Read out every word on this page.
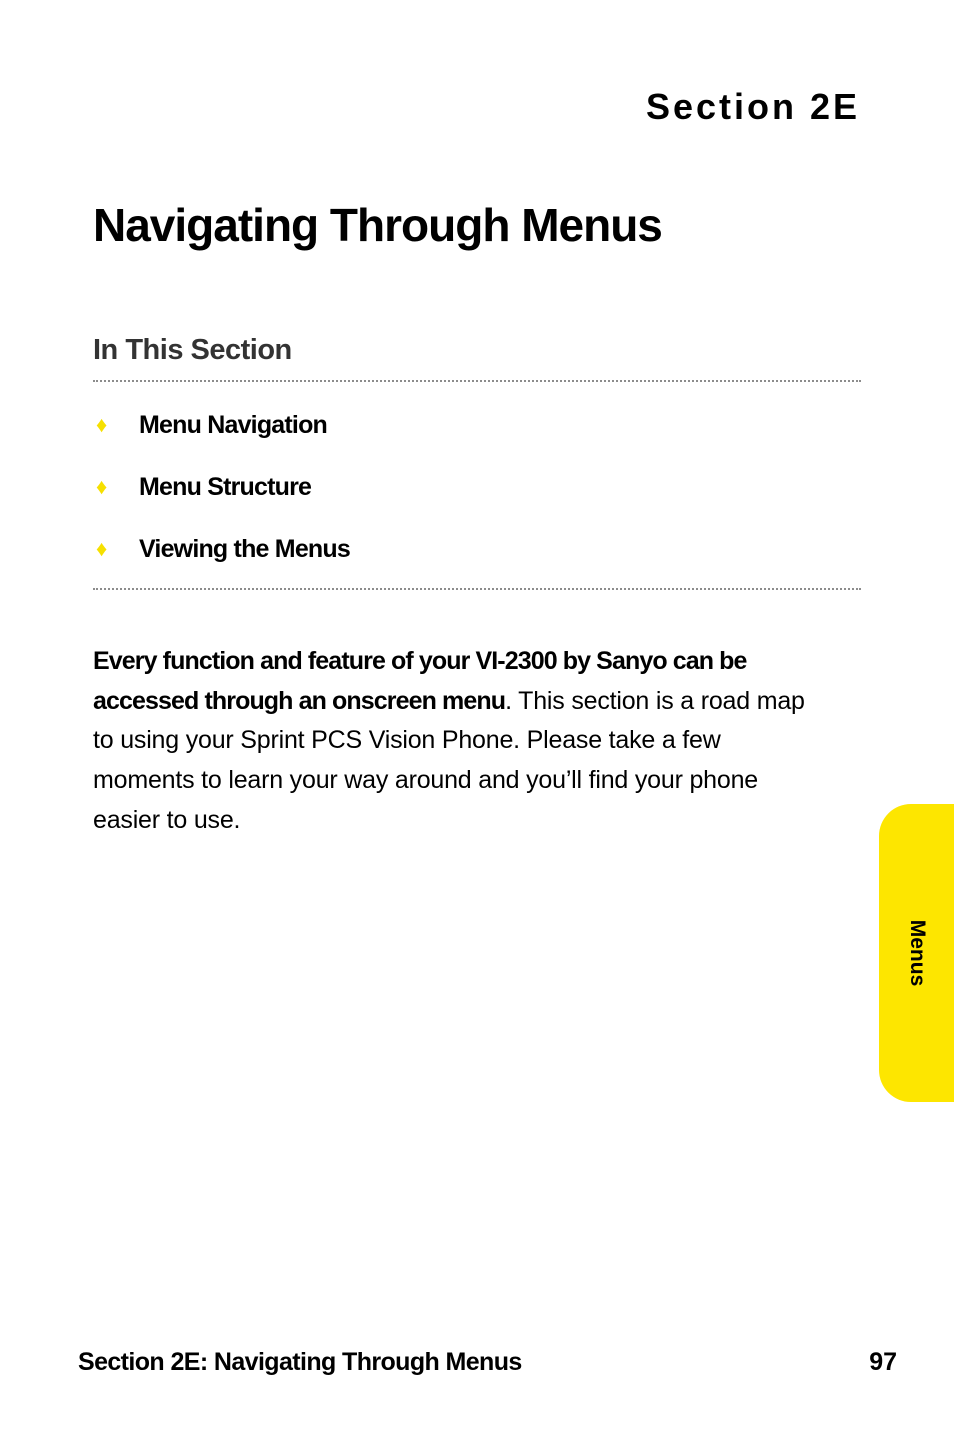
Section 2E
Navigating Through Menus
In This Section
♦	Menu Navigation
♦	Menu Structure
♦	Viewing the Menus

Every function and feature of your VI-2300 by Sanyo can be accessed through an onscreen menu. This section is a road map to using your Sprint PCS Vision Phone. Please take a few moments to learn your way around and you’ll find your phone easier to use.

Menus
Section 2E: Navigating Through Menus	97
